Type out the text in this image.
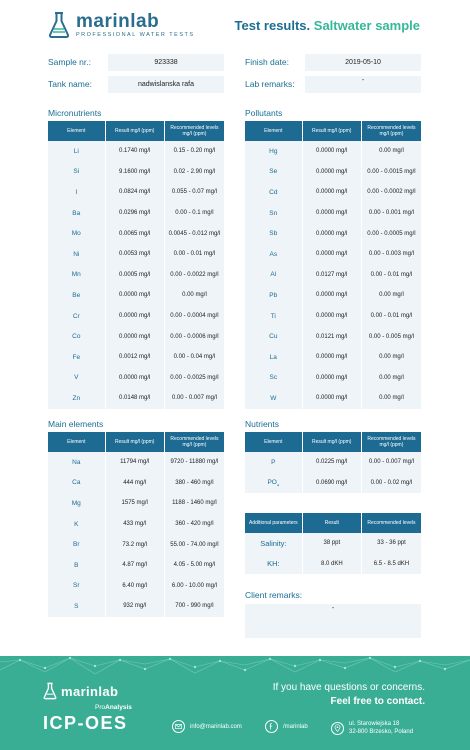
marinlab
PROFESSIONAL WATER TESTS
Test results. Saltwater sample
Sample nr.:	923338
Tank name:	nadwislanska rafa
Finish date:	2019-05-10
Lab remarks:	-
Micronutrients	Pollutants
Main elements	Nutrients
Client remarks:
Element	Result mg/l (ppm)	Recommended levels mg/l (ppm)
Li	0.1740 mg/l	0.15 - 0.20 mg/l
Si	9.1600 mg/l	0.02 - 2.90 mg/l
I	0.0824 mg/l	0.055 - 0.07 mg/l
Ba	0.0296 mg/l	0.00 - 0.1 mg/l
Mo	0.0065 mg/l	0.0045 - 0.012 mg/l
Ni	0.0053 mg/l	0.00 - 0.01 mg/l
Mn	0.0005 mg/l	0.00 - 0.0022 mg/l
Be	0.0000 mg/l	0.00 mg/l
Cr	0.0000 mg/l	0.00 - 0.0004 mg/l
Co	0.0000 mg/l	0.00 - 0.0006 mg/l
Fe	0.0012 mg/l	0.00 - 0.04 mg/l
V	0.0000 mg/l	0.00 - 0.0025 mg/l
Zn	0.0148 mg/l	0.00 - 0.007 mg/l
Element	Result mg/l (ppm)	Recommended levels mg/l (ppm)
Hg	0.0000 mg/l	0.00 mg/l
Se	0.0000 mg/l	0.00 - 0.0015 mg/l
Cd	0.0000 mg/l	0.00 - 0.0002 mg/l
Sn	0.0000 mg/l	0.00 - 0.001 mg/l
Sb	0.0000 mg/l	0.00 - 0.0005 mg/l
As	0.0000 mg/l	0.00 - 0.003 mg/l
Al	0.0127 mg/l	0.00 - 0.01 mg/l
Pb	0.0000 mg/l	0.00 mg/l
Ti	0.0000 mg/l	0.00 - 0.01 mg/l
Cu	0.0121 mg/l	0.00 - 0.005 mg/l
La	0.0000 mg/l	0.00 mg/l
Sc	0.0000 mg/l	0.00 mg/l
W	0.0000 mg/l	0.00 mg/l
Element	Result mg/l (ppm)	Recommended levels mg/l (ppm)
Na	11794 mg/l	9720 - 11880 mg/l
Ca	444 mg/l	380 - 460 mg/l
Mg	1575 mg/l	1188 - 1460 mg/l
K	433 mg/l	360 - 420 mg/l
Br	73.2 mg/l	55.00 - 74.00 mg/l
B	4.87 mg/l	4.05 - 5.00 mg/l
Sr	6.40 mg/l	6.00 - 10.00 mg/l
S	932 mg/l	700 - 990 mg/l
Element	Result mg/l (ppm)	Recommended levels mg/l (ppm)
P	0.0225 mg/l	0.00 - 0.007 mg/l
$PO_4$	0.0690 mg/l	0.00 - 0.02 mg/l
Additional parameters	Result	Recommended levels
Salinity:	38 ppt	33 - 36 ppt
KH:	8.0 dKH	6.5 - 8.5 dKH
-
marinlab
ProAnalysis
ICP-OES
If you have questions or concerns.
Feel free to contact.
info@marinlab.com	/marinlab	ul. Starowiejska 18
32-800 Brzesko, Poland
